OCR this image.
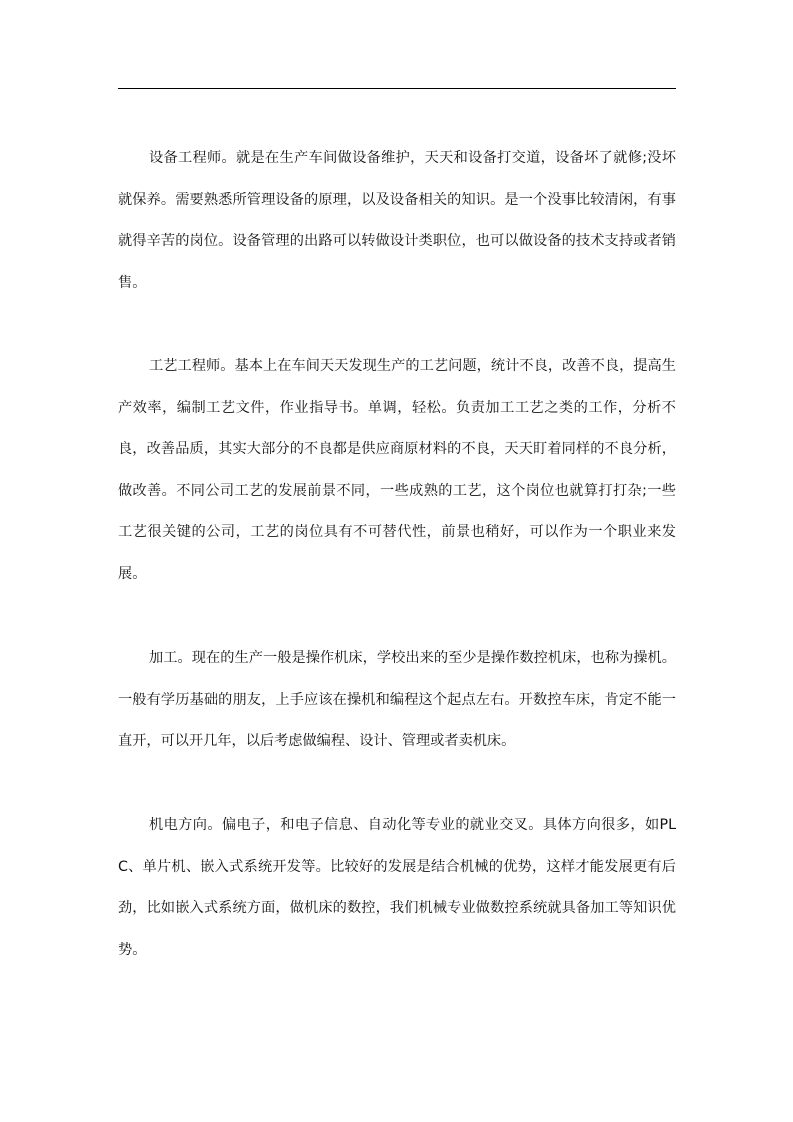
设备工程师。就是在生产车间做设备维护，天天和设备打交道，设备坏了就修;没坏就保养。需要熟悉所管理设备的原理，以及设备相关的知识。是一个没事比较清闲，有事就得辛苦的岗位。设备管理的出路可以转做设计类职位，也可以做设备的技术支持或者销售。

工艺工程师。基本上在车间天天发现生产的工艺问题，统计不良，改善不良，提高生产效率，编制工艺文件，作业指导书。单调，轻松。负责加工工艺之类的工作，分析不良，改善品质，其实大部分的不良都是供应商原材料的不良，天天盯着同样的不良分析，做改善。不同公司工艺的发展前景不同，一些成熟的工艺，这个岗位也就算打打杂;一些工艺很关键的公司，工艺的岗位具有不可替代性，前景也稍好，可以作为一个职业来发展。

加工。现在的生产一般是操作机床，学校出来的至少是操作数控机床，也称为操机。一般有学历基础的朋友，上手应该在操机和编程这个起点左右。开数控车床，肯定不能一直开，可以开几年，以后考虑做编程、设计、管理或者卖机床。

机电方向。偏电子，和电子信息、自动化等专业的就业交叉。具体方向很多，如PLC、单片机、嵌入式系统开发等。比较好的发展是结合机械的优势，这样才能发展更有后劲，比如嵌入式系统方面，做机床的数控，我们机械专业做数控系统就具备加工等知识优势。
